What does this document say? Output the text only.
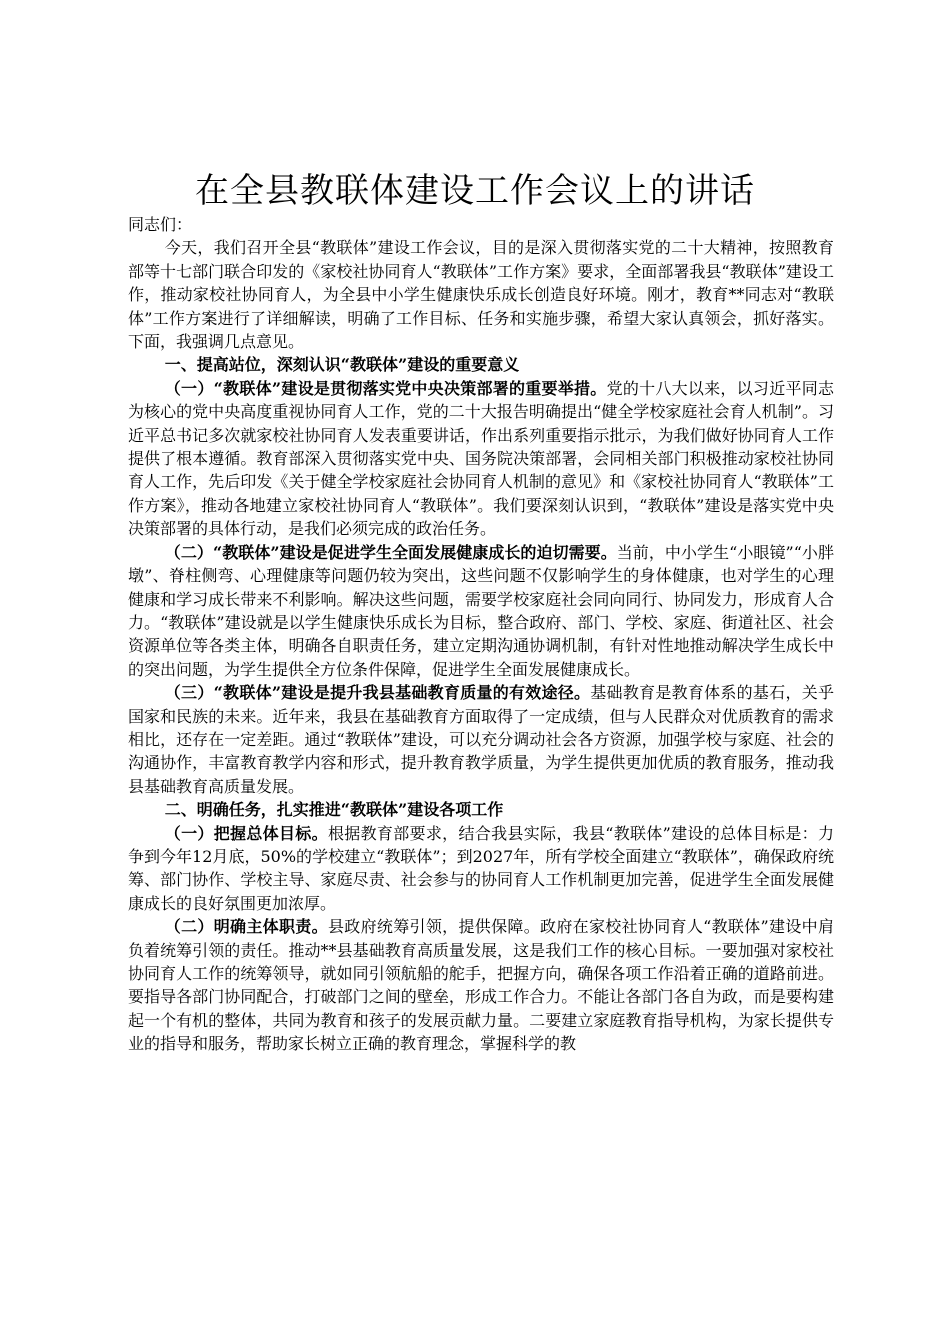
在全县教联体建设工作会议上的讲话

同志们：

今天，我们召开全县“教联体”建设工作会议，目的是深入贯彻落实党的二十大精神，按照教育部等十七部门联合印发的《家校社协同育人“教联体”工作方案》要求，全面部署我县“教联体”建设工作，推动家校社协同育人，为全县中小学生健康快乐成长创造良好环境。刚才，教育**同志对“教联体”工作方案进行了详细解读，明确了工作目标、任务和实施步骤，希望大家认真领会，抓好落实。下面，我强调几点意见。

一、提高站位，深刻认识“教联体”建设的重要意义

（一）“教联体”建设是贯彻落实党中央决策部署的重要举措。党的十八大以来，以习近平同志为核心的党中央高度重视协同育人工作，党的二十大报告明确提出“健全学校家庭社会育人机制”。习近平总书记多次就家校社协同育人发表重要讲话，作出系列重要指示批示，为我们做好协同育人工作提供了根本遵循。教育部深入贯彻落实党中央、国务院决策部署，会同相关部门积极推动家校社协同育人工作，先后印发《关于健全学校家庭社会协同育人机制的意见》和《家校社协同育人“教联体”工作方案》，推动各地建立家校社协同育人“教联体”。我们要深刻认识到，“教联体”建设是落实党中央决策部署的具体行动，是我们必须完成的政治任务。

（二）“教联体”建设是促进学生全面发展健康成长的迫切需要。当前，中小学生“小眼镜”“小胖墩”、脊柱侧弯、心理健康等问题仍较为突出，这些问题不仅影响学生的身体健康，也对学生的心理健康和学习成长带来不利影响。解决这些问题，需要学校家庭社会同向同行、协同发力，形成育人合力。“教联体”建设就是以学生健康快乐成长为目标，整合政府、部门、学校、家庭、街道社区、社会资源单位等各类主体，明确各自职责任务，建立定期沟通协调机制，有针对性地推动解决学生成长中的突出问题，为学生提供全方位条件保障，促进学生全面发展健康成长。

（三）“教联体”建设是提升我县基础教育质量的有效途径。基础教育是教育体系的基石，关乎国家和民族的未来。近年来，我县在基础教育方面取得了一定成绩，但与人民群众对优质教育的需求相比，还存在一定差距。通过“教联体”建设，可以充分调动社会各方资源，加强学校与家庭、社会的沟通协作，丰富教育教学内容和形式，提升教育教学质量，为学生提供更加优质的教育服务，推动我县基础教育高质量发展。

二、明确任务，扎实推进“教联体”建设各项工作

（一）把握总体目标。根据教育部要求，结合我县实际，我县“教联体”建设的总体目标是：力争到今年12月底，50%的学校建立“教联体”；到2027年，所有学校全面建立“教联体”，确保政府统筹、部门协作、学校主导、家庭尽责、社会参与的协同育人工作机制更加完善，促进学生全面发展健康成长的良好氛围更加浓厚。

（二）明确主体职责。县政府统筹引领，提供保障。政府在家校社协同育人“教联体”建设中肩负着统筹引领的责任。推动**县基础教育高质量发展，这是我们工作的核心目标。一要加强对家校社协同育人工作的统筹领导，就如同引领航船的舵手，把握方向，确保各项工作沿着正确的道路前进。要指导各部门协同配合，打破部门之间的壁垒，形成工作合力。不能让各部门各自为政，而是要构建起一个有机的整体，共同为教育和孩子的发展贡献力量。二要建立家庭教育指导机构，为家长提供专业的指导和服务，帮助家长树立正确的教育理念，掌握科学的教
